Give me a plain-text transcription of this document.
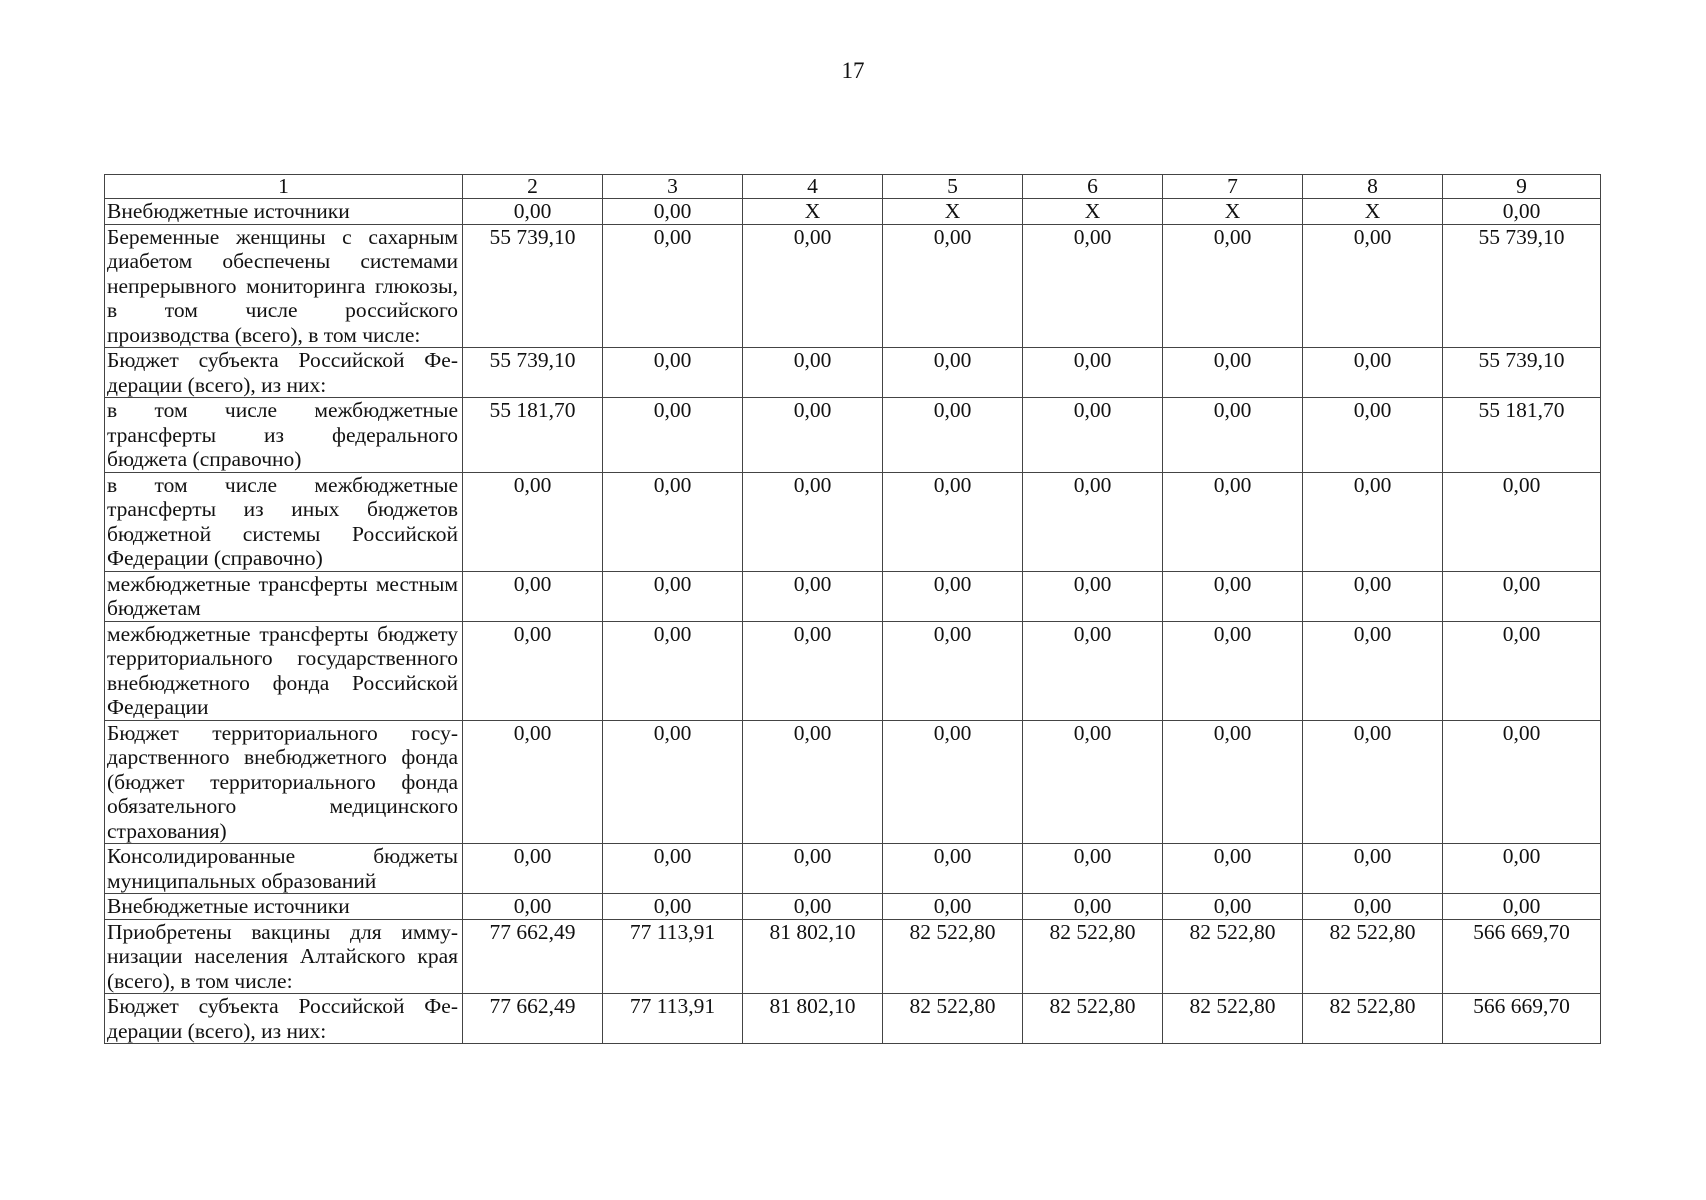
17
1	2	3	4	5	6	7	8	9
Внебюджетные источники	0,00	0,00	X	X	X	X	X	0,00
Беременные женщины с сахарным диабетом обеспечены системами непрерывного мониторинга глюкозы, в том числе российского производства (всего), в том числе:	55 739,10	0,00	0,00	0,00	0,00	0,00	0,00	55 739,10
Бюджет субъекта Российской Федерации (всего), из них:	55 739,10	0,00	0,00	0,00	0,00	0,00	0,00	55 739,10
в том числе межбюджетные трансферты из федерального бюджета (справочно)	55 181,70	0,00	0,00	0,00	0,00	0,00	0,00	55 181,70
в том числе межбюджетные трансферты из иных бюджетов бюджетной системы Российской Федерации (справочно)	0,00	0,00	0,00	0,00	0,00	0,00	0,00	0,00
межбюджетные трансферты местным бюджетам	0,00	0,00	0,00	0,00	0,00	0,00	0,00	0,00
межбюджетные трансферты бюджету территориального государственного внебюджетного фонда Российской Федерации	0,00	0,00	0,00	0,00	0,00	0,00	0,00	0,00
Бюджет территориального государственного внебюджетного фонда (бюджет территориального фонда обязательного медицинского страхования)	0,00	0,00	0,00	0,00	0,00	0,00	0,00	0,00
Консолидированные бюджеты муниципальных образований	0,00	0,00	0,00	0,00	0,00	0,00	0,00	0,00
Внебюджетные источники	0,00	0,00	0,00	0,00	0,00	0,00	0,00	0,00
Приобретены вакцины для иммунизации населения Алтайского края (всего), в том числе:	77 662,49	77 113,91	81 802,10	82 522,80	82 522,80	82 522,80	82 522,80	566 669,70
Бюджет субъекта Российской Федерации (всего), из них:	77 662,49	77 113,91	81 802,10	82 522,80	82 522,80	82 522,80	82 522,80	566 669,70
